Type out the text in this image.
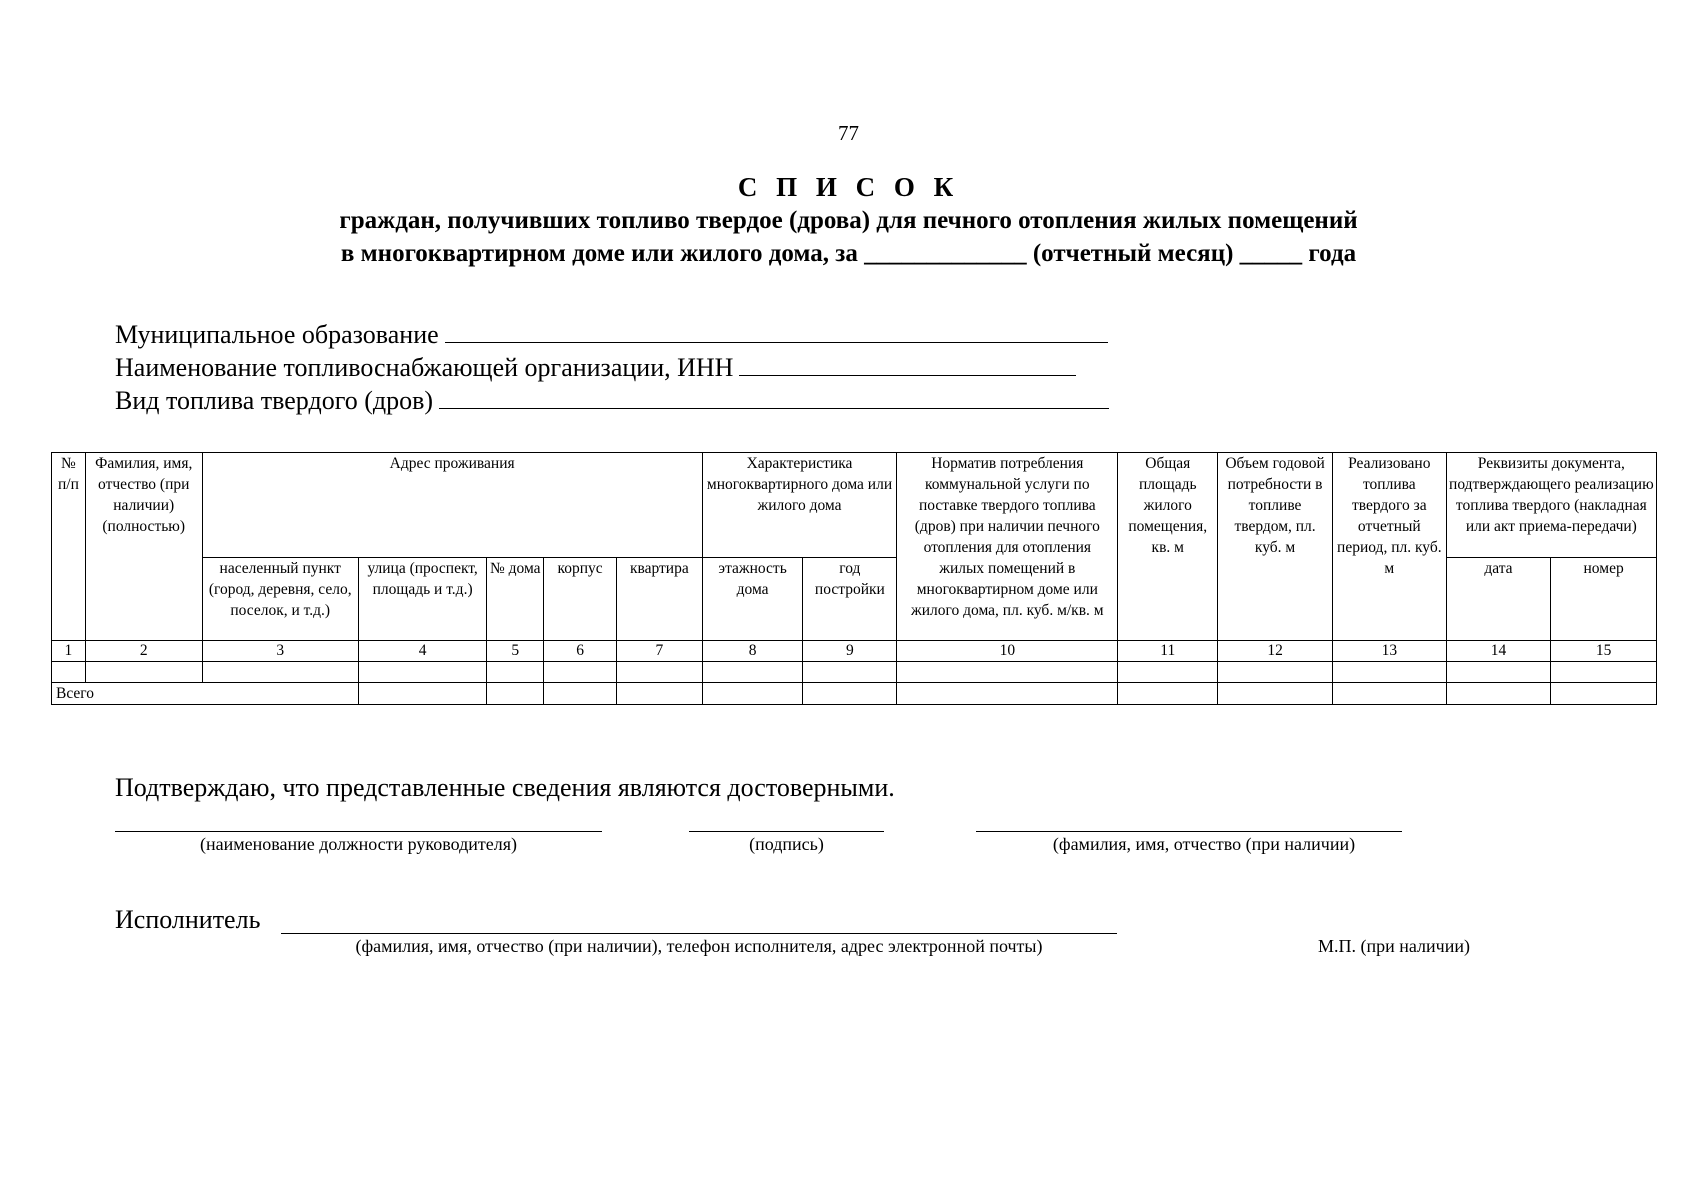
77
С П И С О К
граждан, получивших топливо твердое (дрова) для печного отопления жилых помещений
в многоквартирном доме или жилого дома, за _____________ (отчетный месяц) _____ года
Муниципальное образование
Наименование топливоснабжающей организации, ИНН
Вид топлива твердого (дров)
№ п/п	Фамилия, имя, отчество (при наличии) (полностью)	Адрес проживания					Характеристика многоквартирного дома или жилого дома		Норматив потребления коммунальной услуги по поставке твердого топлива (дров) при наличии печного отопления для отопления жилых помещений в многоквартирном доме или жилого дома, пл. куб. м/кв. м	Общая площадь жилого помещения, кв. м	Объем годовой потребности в топливе твердом, пл. куб. м	Реализовано топлива твердого за отчетный период, пл. куб. м	Реквизиты документа, подтверждающего реализацию топлива твердого (накладная или акт приема-передачи)	
		населенный пункт (город, деревня, село, поселок, и т.д.)	улица (проспект, площадь и т.д.)	№ дома	корпус	квартира	этажность дома	год постройки					дата	номер
1	2	3	4	5	6	7	8	9	10	11	12	13	14	15

Всего														
Подтверждаю, что представленные сведения являются достоверными.
(наименование должности руководителя)	(подпись)	(фамилия, имя, отчество (при наличии)
Исполнитель
(фамилия, имя, отчество (при наличии), телефон исполнителя, адрес электронной почты)	М.П. (при наличии)
